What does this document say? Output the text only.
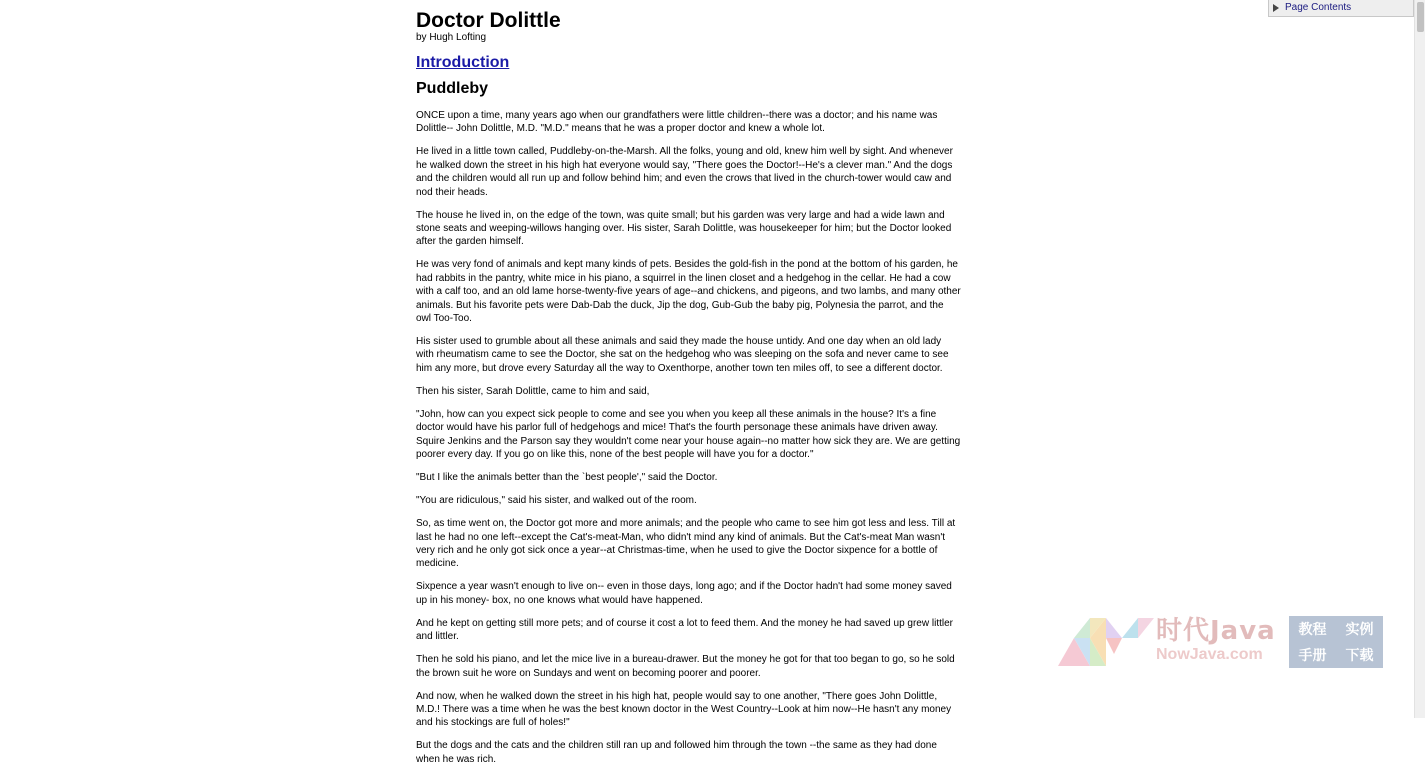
Doctor Dolittle

by Hugh Lofting

Introduction
Puddleby

ONCE upon a time, many years ago when our grandfathers were little children--there was a doctor; and his name was Dolittle-- John Dolittle, M.D. "M.D." means that he was a proper doctor and knew a whole lot.

He lived in a little town called, Puddleby-on-the-Marsh. All the folks, young and old, knew him well by sight. And whenever he walked down the street in his high hat everyone would say, "There goes the Doctor!--He's a clever man." And the dogs and the children would all run up and follow behind him; and even the crows that lived in the church-tower would caw and nod their heads.

The house he lived in, on the edge of the town, was quite small; but his garden was very large and had a wide lawn and stone seats and weeping-willows hanging over. His sister, Sarah Dolittle, was housekeeper for him; but the Doctor looked after the garden himself.

He was very fond of animals and kept many kinds of pets. Besides the gold-fish in the pond at the bottom of his garden, he had rabbits in the pantry, white mice in his piano, a squirrel in the linen closet and a hedgehog in the cellar. He had a cow with a calf too, and an old lame horse-twenty-five years of age--and chickens, and pigeons, and two lambs, and many other animals. But his favorite pets were Dab-Dab the duck, Jip the dog, Gub-Gub the baby pig, Polynesia the parrot, and the owl Too-Too.

His sister used to grumble about all these animals and said they made the house untidy. And one day when an old lady with rheumatism came to see the Doctor, she sat on the hedgehog who was sleeping on the sofa and never came to see him any more, but drove every Saturday all the way to Oxenthorpe, another town ten miles off, to see a different doctor.

Then his sister, Sarah Dolittle, came to him and said,

"John, how can you expect sick people to come and see you when you keep all these animals in the house? It's a fine doctor would have his parlor full of hedgehogs and mice! That's the fourth personage these animals have driven away. Squire Jenkins and the Parson say they wouldn't come near your house again--no matter how sick they are. We are getting poorer every day. If you go on like this, none of the best people will have you for a doctor."

"But I like the animals better than the `best people'," said the Doctor.

"You are ridiculous," said his sister, and walked out of the room.

So, as time went on, the Doctor got more and more animals; and the people who came to see him got less and less. Till at last he had no one left--except the Cat's-meat-Man, who didn't mind any kind of animals. But the Cat's-meat Man wasn't very rich and he only got sick once a year--at Christmas-time, when he used to give the Doctor sixpence for a bottle of medicine.

Sixpence a year wasn't enough to live on-- even in those days, long ago; and if the Doctor hadn't had some money saved up in his money- box, no one knows what would have happened.

And he kept on getting still more pets; and of course it cost a lot to feed them. And the money he had saved up grew littler and littler.

Then he sold his piano, and let the mice live in a bureau-drawer. But the money he got for that too began to go, so he sold the brown suit he wore on Sundays and went on becoming poorer and poorer.

And now, when he walked down the street in his high hat, people would say to one another, "There goes John Dolittle, M.D.! There was a time when he was the best known doctor in the West Country--Look at him now--He hasn't any money and his stockings are full of holes!"

But the dogs and the cats and the children still ran up and followed him through the town --the same as they had done when he was rich.

Page Contents
时代Java
NowJava.com
教程 实例
手册 下载
